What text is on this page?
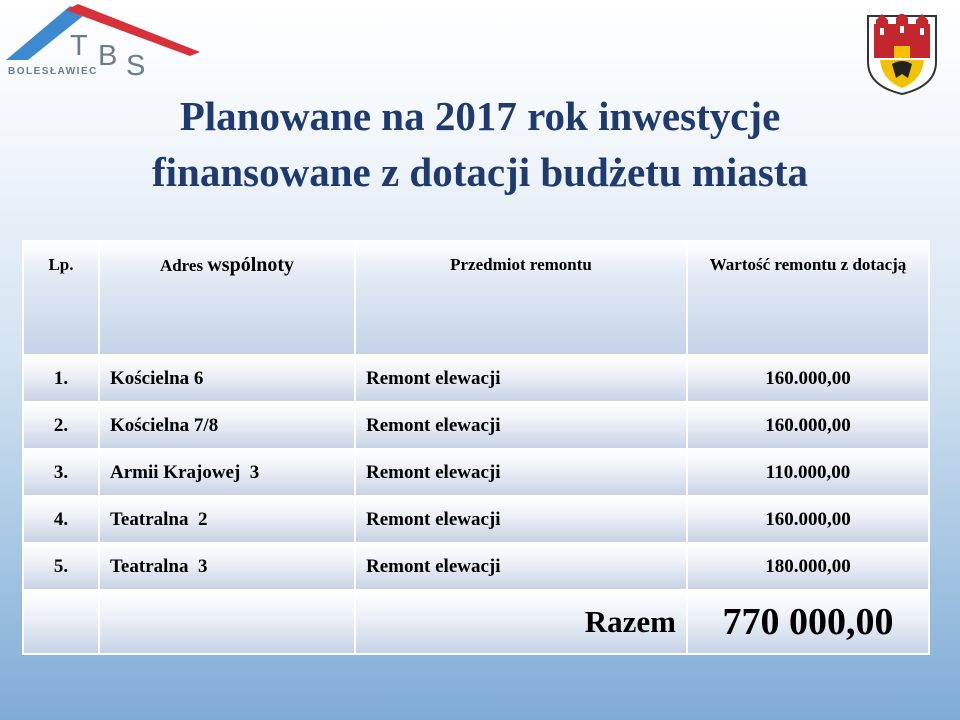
T B S
BOLESŁAWIEC
Planowane na 2017 rok inwestycje
finansowane z dotacji budżetu miasta
Lp.	Adres wspólnoty	Przedmiot remontu	Wartość remontu z dotacją
1.	Kościelna 6	Remont elewacji	160.000,00
2.	Kościelna 7/8	Remont elewacji	160.000,00
3.	Armii Krajowej  3	Remont elewacji	110.000,00
4.	Teatralna  2	Remont elewacji	160.000,00
5.	Teatralna  3	Remont elewacji	180.000,00
		Razem	770 000,00
